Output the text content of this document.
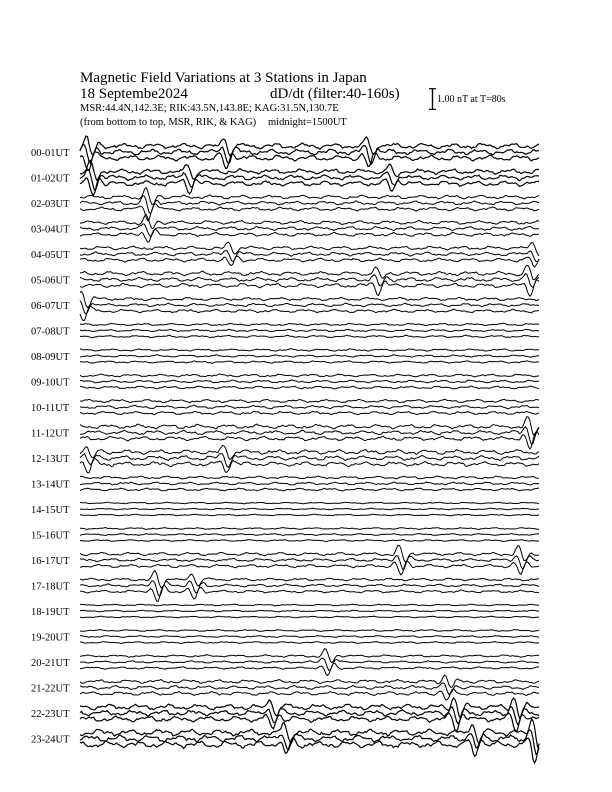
Magnetic Field Variations at 3 Stations in Japan
18 Septembe2024	dD/dt (filter:40-160s)
MSR:44.4N,142.3E; RIK:43.5N,143.8E; KAG:31.5N,130.7E
(from bottom to top, MSR, RIK, & KAG) midnight=1500UT
1.00 nT at T=80s
00-01UT
01-02UT
02-03UT
03-04UT
04-05UT
05-06UT
06-07UT
07-08UT
08-09UT
09-10UT
10-11UT
11-12UT
12-13UT
13-14UT
14-15UT
15-16UT
16-17UT
17-18UT
18-19UT
19-20UT
20-21UT
21-22UT
22-23UT
23-24UT
